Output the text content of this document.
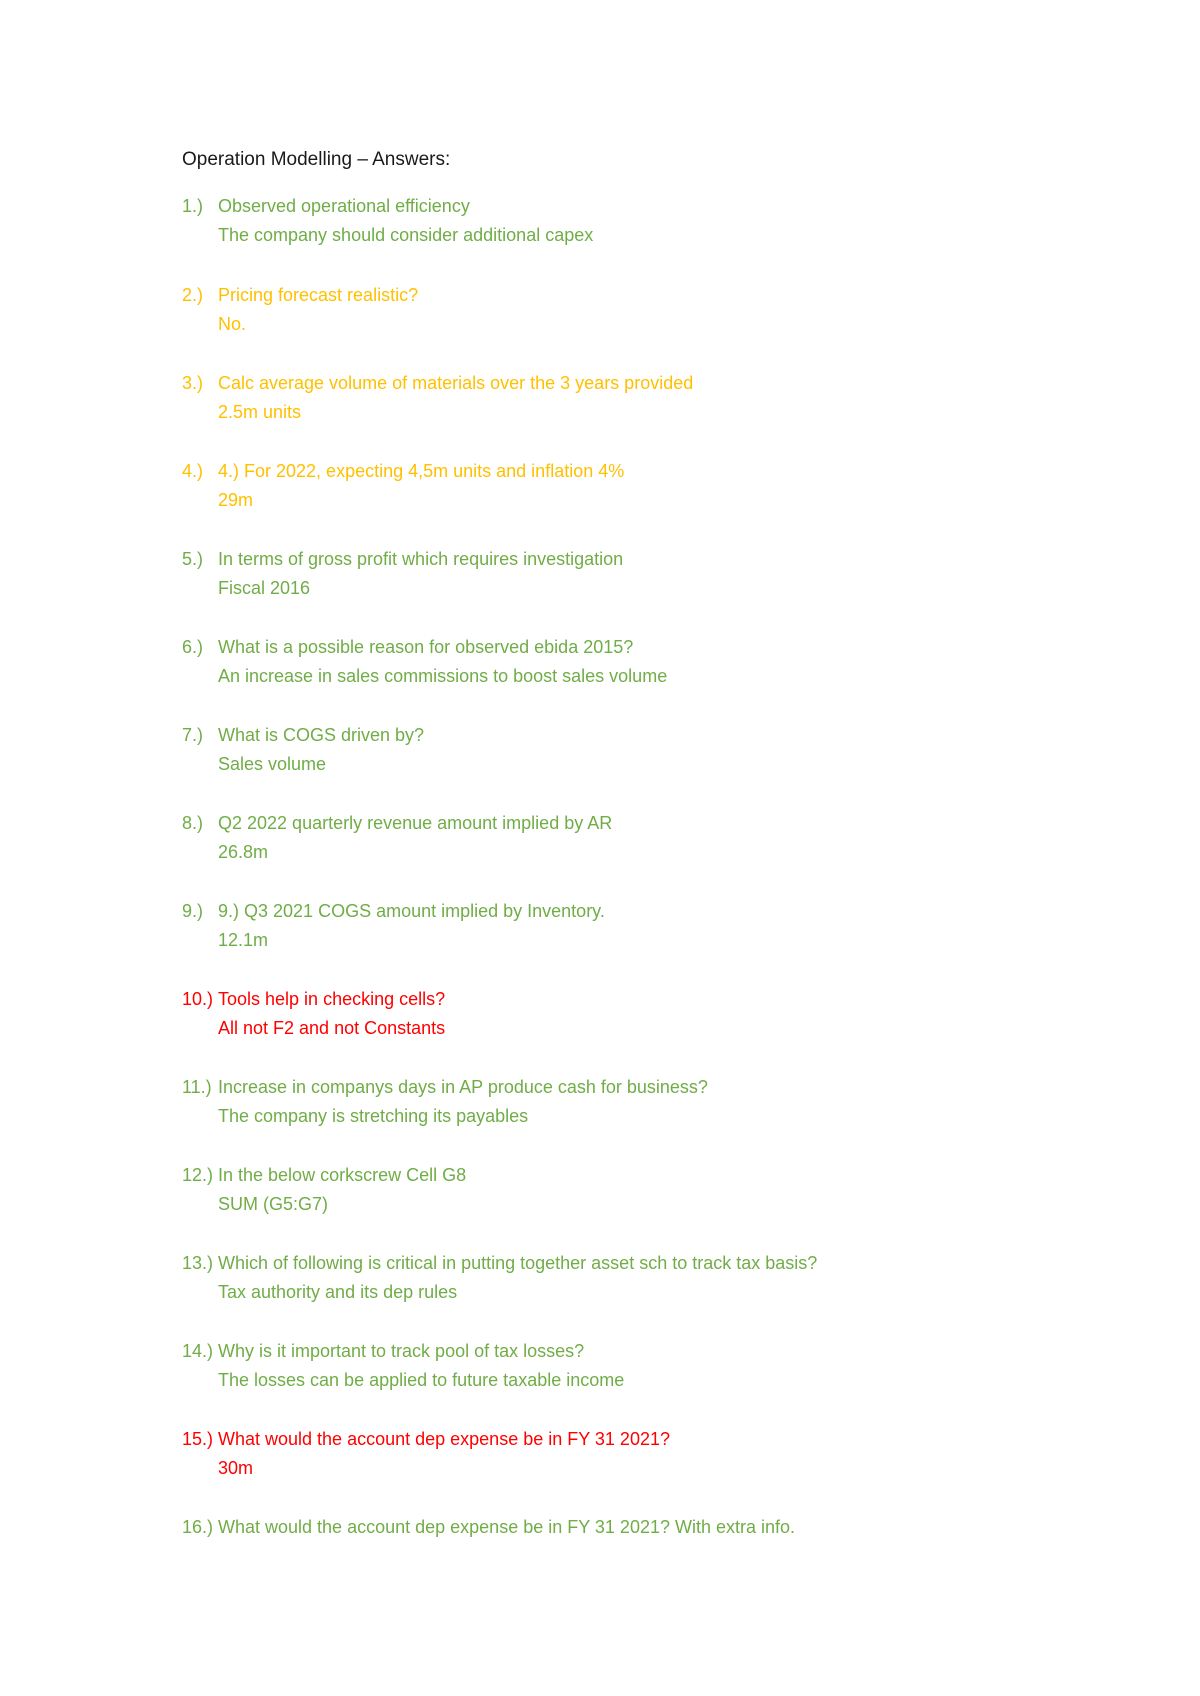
Operation Modelling – Answers:
1.) Observed operational efficiency
The company should consider additional capex
2.) Pricing forecast realistic?
No.
3.) Calc average volume of materials over the 3 years provided
2.5m units
4.) 4.) For 2022, expecting 4,5m units and inflation 4%
29m
5.) In terms of gross profit which requires investigation
Fiscal 2016
6.) What is a possible reason for observed ebida 2015?
An increase in sales commissions to boost sales volume
7.) What is COGS driven by?
Sales volume
8.) Q2 2022 quarterly revenue amount implied by AR
26.8m
9.) 9.) Q3 2021 COGS amount implied by Inventory.
12.1m
10.) Tools help in checking cells?
All not F2 and not Constants
11.) Increase in companys days in AP produce cash for business?
The company is stretching its payables
12.) In the below corkscrew Cell G8
SUM (G5:G7)
13.) Which of following is critical in putting together asset sch to track tax basis?
Tax authority and its dep rules
14.) Why is it important to track pool of tax losses?
The losses can be applied to future taxable income
15.) What would the account dep expense be in FY 31 2021?
30m
16.) What would the account dep expense be in FY 31 2021? With extra info.
